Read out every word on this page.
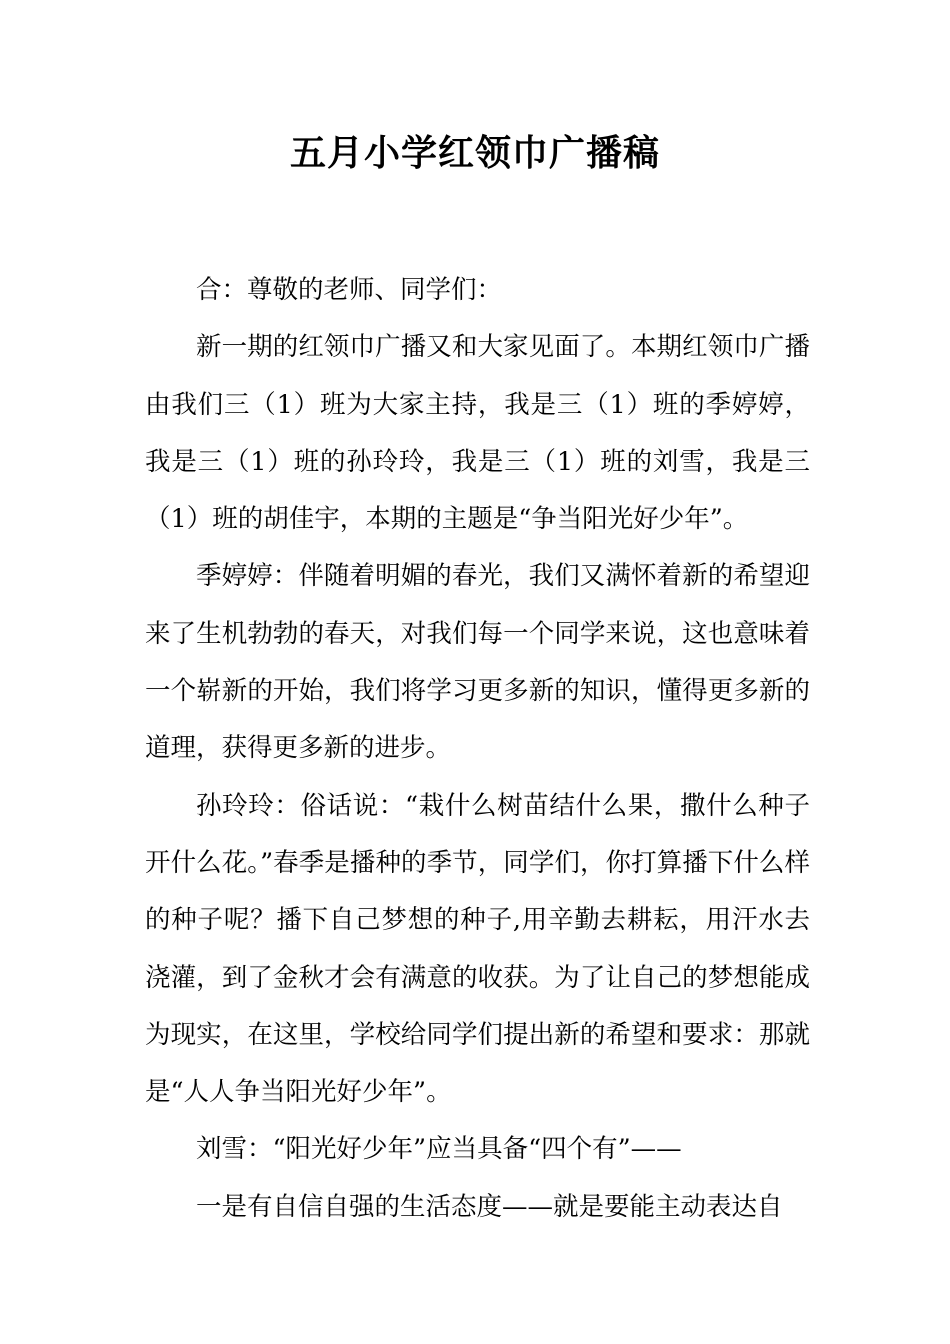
五月小学红领巾广播稿

合：尊敬的老师、同学们：

新一期的红领巾广播又和大家见面了。本期红领巾广播由我们三（1）班为大家主持，我是三（1）班的季婷婷，我是三（1）班的孙玲玲，我是三（1）班的刘雪，我是三（1）班的胡佳宇，本期的主题是“争当阳光好少年”。

季婷婷：伴随着明媚的春光，我们又满怀着新的希望迎来了生机勃勃的春天，对我们每一个同学来说，这也意味着一个崭新的开始，我们将学习更多新的知识，懂得更多新的道理，获得更多新的进步。

孙玲玲：俗话说：“栽什么树苗结什么果，撒什么种子开什么花。”春季是播种的季节，同学们，你打算播下什么样的种子呢？播下自己梦想的种子,用辛勤去耕耘，用汗水去浇灌，到了金秋才会有满意的收获。为了让自己的梦想能成为现实，在这里，学校给同学们提出新的希望和要求：那就是“人人争当阳光好少年”。

刘雪：“阳光好少年”应当具备“四个有”——

一是有自信自强的生活态度——就是要能主动表达自
